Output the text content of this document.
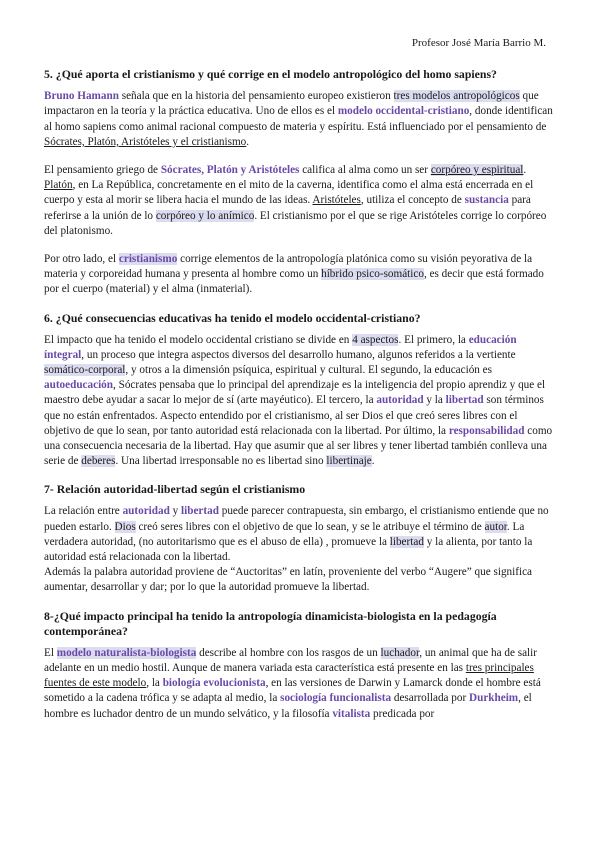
Profesor José María Barrio M.
5. ¿Qué aporta el cristianismo y qué corrige en el modelo antropológico del homo sapiens?

Bruno Hamann señala que en la historia del pensamiento europeo existieron tres modelos antropológicos que impactaron en la teoría y la práctica educativa. Uno de ellos es el modelo occidental-cristiano, donde identifican al homo sapiens como animal racional compuesto de materia y espíritu. Está influenciado por el pensamiento de Sócrates, Platón, Aristóteles y el cristianismo.

El pensamiento griego de Sócrates, Platón y Aristóteles califica al alma como un ser corpóreo y espiritual. Platón, en La República, concretamente en el mito de la caverna, identifica como el alma está encerrada en el cuerpo y esta al morir se libera hacia el mundo de las ideas. Aristóteles, utiliza el concepto de sustancia para referirse a la unión de lo corpóreo y lo anímico. El cristianismo por el que se rige Aristóteles corrige lo corpóreo del platonismo.

Por otro lado, el cristianismo corrige elementos de la antropología platónica como su visión peyorativa de la materia y corporeidad humana y presenta al hombre como un híbrido psico-somático, es decir que está formado por el cuerpo (material) y el alma (inmaterial).

6. ¿Qué consecuencias educativas ha tenido el modelo occidental-cristiano?

El impacto que ha tenido el modelo occidental cristiano se divide en 4 aspectos. El primero, la educación íntegral, un proceso que integra aspectos diversos del desarrollo humano, algunos referidos a la vertiente somático-corporal, y otros a la dimensión psíquica, espiritual y cultural. El segundo, la educación es autoeducación, Sócrates pensaba que lo principal del aprendizaje es la inteligencia del propio aprendiz y que el maestro debe ayudar a sacar lo mejor de sí (arte mayéutico). El tercero, la autoridad y la libertad son términos que no están enfrentados. Aspecto entendido por el cristianismo, al ser Dios el que creó seres libres con el objetivo de que lo sean, por tanto autoridad está relacionada con la libertad. Por último, la responsabilidad como una consecuencia necesaria de la libertad. Hay que asumir que al ser libres y tener libertad también conlleva una serie de deberes. Una libertad irresponsable no es libertad sino libertinaje.

7- Relación autoridad-libertad según el cristianismo

La relación entre autoridad y libertad puede parecer contrapuesta, sin embargo, el cristianismo entiende que no pueden estarlo. Dios creó seres libres con el objetivo de que lo sean, y se le atribuye el término de autor. La verdadera autoridad, (no autoritarismo que es el abuso de ella) , promueve la libertad y la alienta, por tanto la autoridad está relacionada con la libertad.

Además la palabra autoridad proviene de “Auctoritas” en latín, proveniente del verbo “Augere” que significa aumentar, desarrollar y dar; por lo que la autoridad promueve la libertad.

8-¿Qué impacto principal ha tenido la antropología dinamicista-biologista en la pedagogía contemporánea?

El modelo naturalista-biologista describe al hombre con los rasgos de un luchador, un animal que ha de salir adelante en un medio hostil. Aunque de manera variada esta característica está presente en las tres principales fuentes de este modelo, la biología evolucionista, en las versiones de Darwin y Lamarck donde el hombre está sometido a la cadena trófica y se adapta al medio, la sociología funcionalista desarrollada por Durkheim, el hombre es luchador dentro de un mundo selvático, y la filosofía vitalista predicada por
